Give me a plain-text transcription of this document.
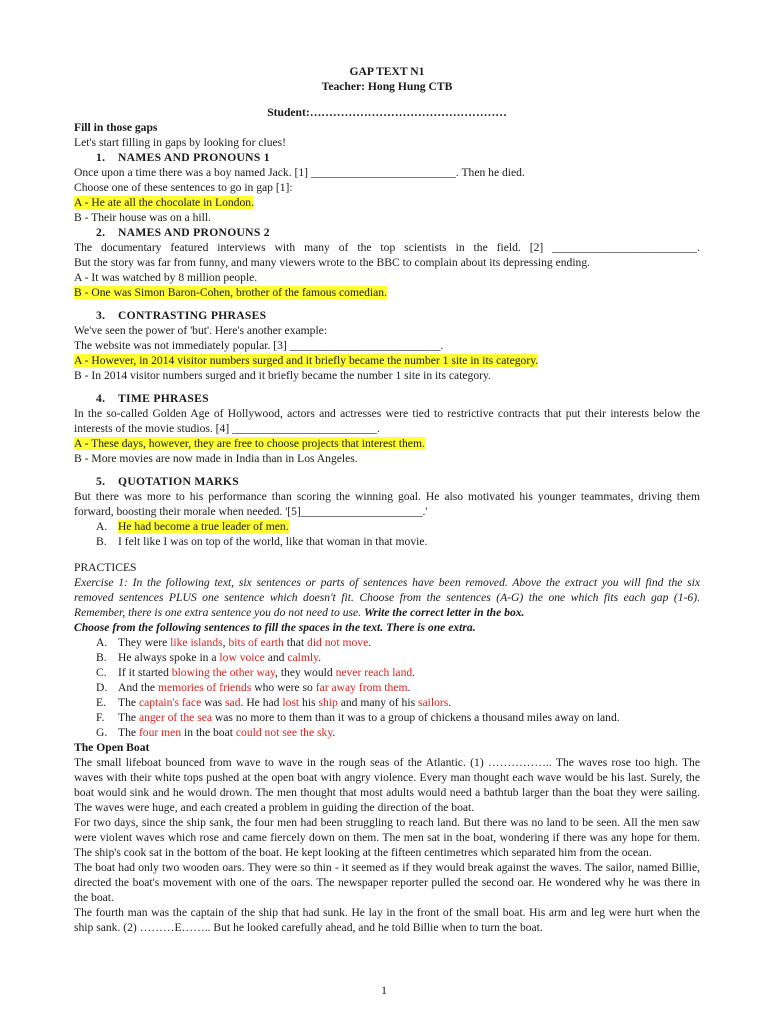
GAP TEXT N1
Teacher: Hong Hung CTB
Student:……………………………………………
Fill in those gaps
Let's start filling in gaps by looking for clues!
1. NAMES AND PRONOUNS 1
Once upon a time there was a boy named Jack. [1] _________________________. Then he died.
Choose one of these sentences to go in gap [1]:
A - He ate all the chocolate in London.
B - Their house was on a hill.
2. NAMES AND PRONOUNS 2
The documentary featured interviews with many of the top scientists in the field. [2] _________________________.
But the story was far from funny, and many viewers wrote to the BBC to complain about its depressing ending.
A - It was watched by 8 million people.
B - One was Simon Baron-Cohen, brother of the famous comedian.
3. CONTRASTING PHRASES
We've seen the power of 'but'. Here's another example:
The website was not immediately popular. [3] __________________________.
A - However, in 2014 visitor numbers surged and it briefly became the number 1 site in its category.
B - In 2014 visitor numbers surged and it briefly became the number 1 site in its category.
4. TIME PHRASES
In the so-called Golden Age of Hollywood, actors and actresses were tied to restrictive contracts that put their interests below the interests of the movie studios. [4] _________________________.
A - These days, however, they are free to choose projects that interest them.
B - More movies are now made in India than in Los Angeles.
5. QUOTATION MARKS
But there was more to his performance than scoring the winning goal. He also motivated his younger teammates, driving them forward, boosting their morale when needed. '[5]_____________________.'
A. He had become a true leader of men.
B. I felt like I was on top of the world, like that woman in that movie.
PRACTICES
Exercise 1: In the following text, six sentences or parts of sentences have been removed. Above the extract you will find the six removed sentences PLUS one sentence which doesn't fit. Choose from the sentences (A-G) the one which fits each gap (1-6). Remember, there is one extra sentence you do not need to use. Write the correct letter in the box.
Choose from the following sentences to fill the spaces in the text. There is one extra.
A. They were like islands, bits of earth that did not move.
B. He always spoke in a low voice and calmly.
C. If it started blowing the other way, they would never reach land.
D. And the memories of friends who were so far away from them.
E. The captain's face was sad. He had lost his ship and many of his sailors.
F. The anger of the sea was no more to them than it was to a group of chickens a thousand miles away on land.
G. The four men in the boat could not see the sky.
The Open Boat
The small lifeboat bounced from wave to wave in the rough seas of the Atlantic. (1) …………….. The waves rose too high. The waves with their white tops pushed at the open boat with angry violence. Every man thought each wave would be his last. Surely, the boat would sink and he would drown. The men thought that most adults would need a bathtub larger than the boat they were sailing. The waves were huge, and each created a problem in guiding the direction of the boat.
For two days, since the ship sank, the four men had been struggling to reach land. But there was no land to be seen. All the men saw were violent waves which rose and came fiercely down on them. The men sat in the boat, wondering if there was any hope for them. The ship's cook sat in the bottom of the boat. He kept looking at the fifteen centimetres which separated him from the ocean.
The boat had only two wooden oars. They were so thin - it seemed as if they would break against the waves. The sailor, named Billie, directed the boat's movement with one of the oars. The newspaper reporter pulled the second oar. He wondered why he was there in the boat.
The fourth man was the captain of the ship that had sunk. He lay in the front of the small boat. His arm and leg were hurt when the ship sank. (2) ………E…….. But he looked carefully ahead, and he told Billie when to turn the boat.
1
